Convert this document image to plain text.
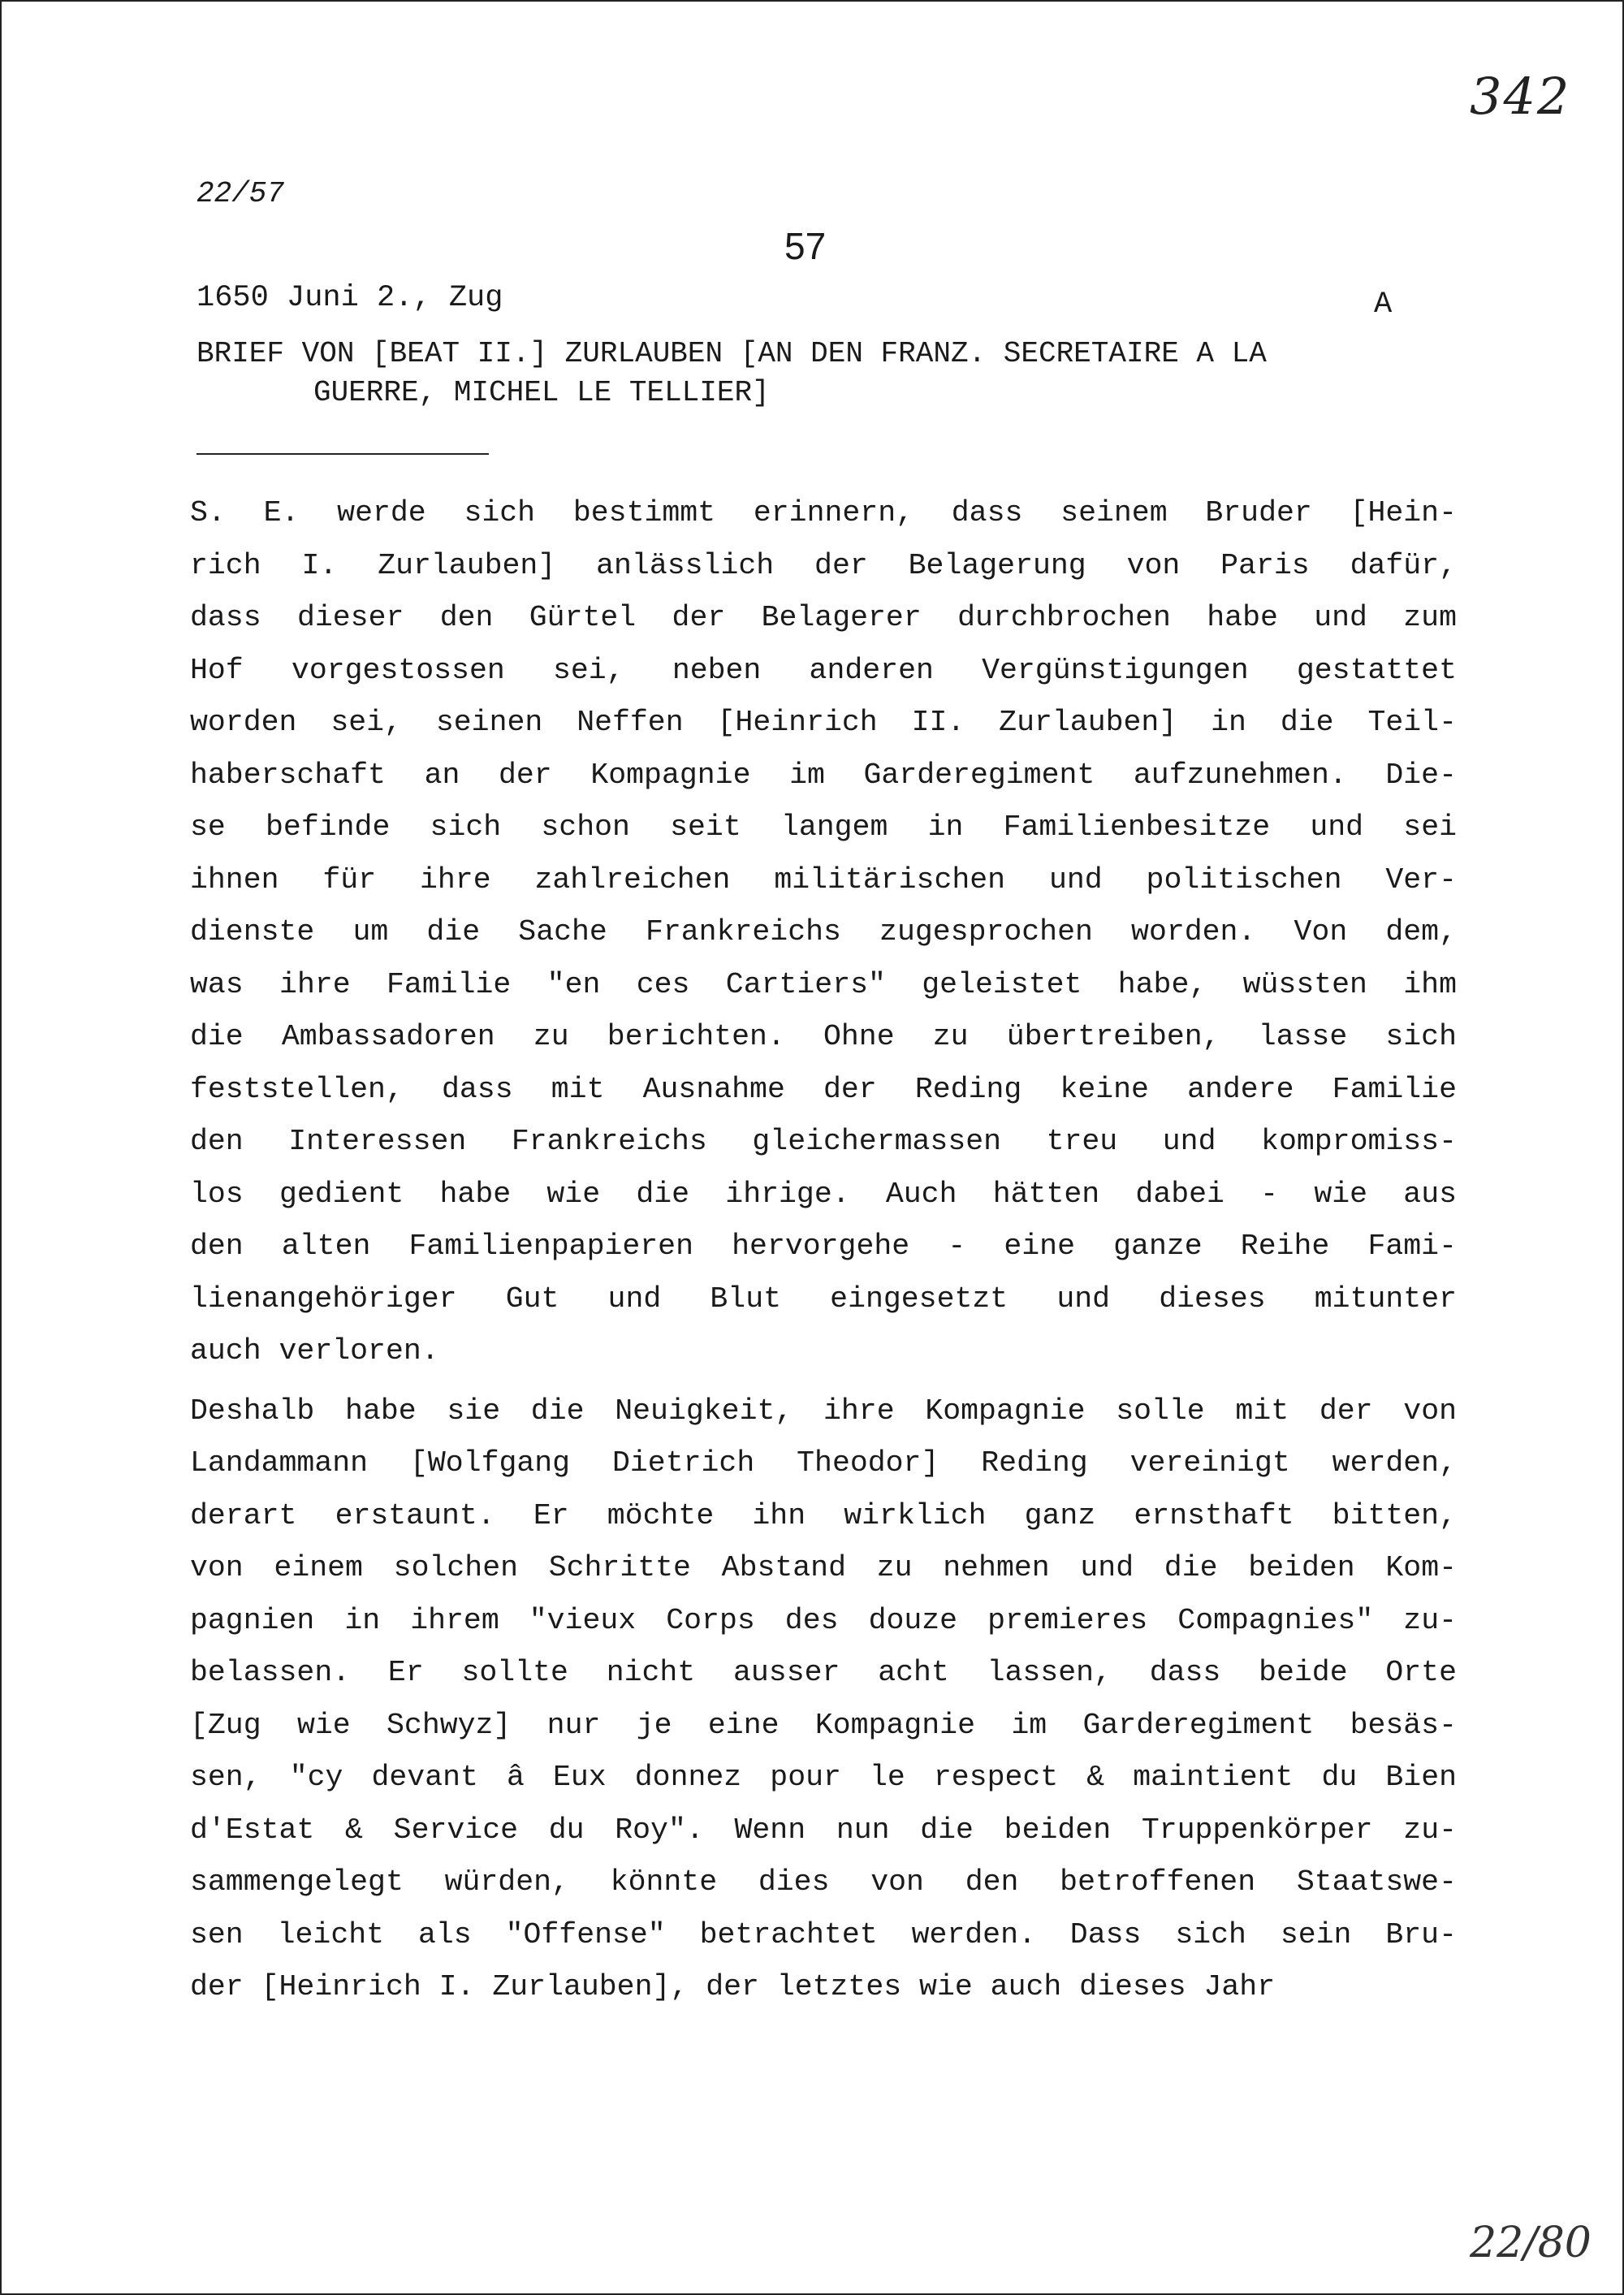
342
22/57
57
1650 Juni 2., Zug	A
BRIEF VON [BEAT II.] ZURLAUBEN [AN DEN FRANZ. SECRETAIRE A LA
GUERRE, MICHEL LE TELLIER]
S. E. werde sich bestimmt erinnern, dass seinem Bruder [Hein-
rich I. Zurlauben] anlässlich der Belagerung von Paris dafür,
dass dieser den Gürtel der Belagerer durchbrochen habe und zum
Hof vorgestossen sei, neben anderen Vergünstigungen gestattet
worden sei, seinen Neffen [Heinrich II. Zurlauben] in die Teil-
haberschaft an der Kompagnie im Garderegiment aufzunehmen. Die-
se befinde sich schon seit langem in Familienbesitze und sei
ihnen für ihre zahlreichen militärischen und politischen Ver-
dienste um die Sache Frankreichs zugesprochen worden. Von dem,
was ihre Familie "en ces Cartiers" geleistet habe, wüssten ihm
die Ambassadoren zu berichten. Ohne zu übertreiben, lasse sich
feststellen, dass mit Ausnahme der Reding keine andere Familie
den Interessen Frankreichs gleichermassen treu und kompromiss-
los gedient habe wie die ihrige. Auch hätten dabei - wie aus
den alten Familienpapieren hervorgehe - eine ganze Reihe Fami-
lienangehöriger Gut und Blut eingesetzt und dieses mitunter
auch verloren.
Deshalb habe sie die Neuigkeit, ihre Kompagnie solle mit der von
Landammann [Wolfgang Dietrich Theodor] Reding vereinigt werden,
derart erstaunt. Er möchte ihn wirklich ganz ernsthaft bitten,
von einem solchen Schritte Abstand zu nehmen und die beiden Kom-
pagnien in ihrem "vieux Corps des douze premieres Compagnies" zu-
belassen. Er sollte nicht ausser acht lassen, dass beide Orte
[Zug wie Schwyz] nur je eine Kompagnie im Garderegiment besäs-
sen, "cy devant â Eux donnez pour le respect & maintient du Bien
d'Estat & Service du Roy". Wenn nun die beiden Truppenkörper zu-
sammengelegt würden, könnte dies von den betroffenen Staatswe-
sen leicht als "Offense" betrachtet werden. Dass sich sein Bru-
der [Heinrich I. Zurlauben], der letztes wie auch dieses Jahr
22/80
